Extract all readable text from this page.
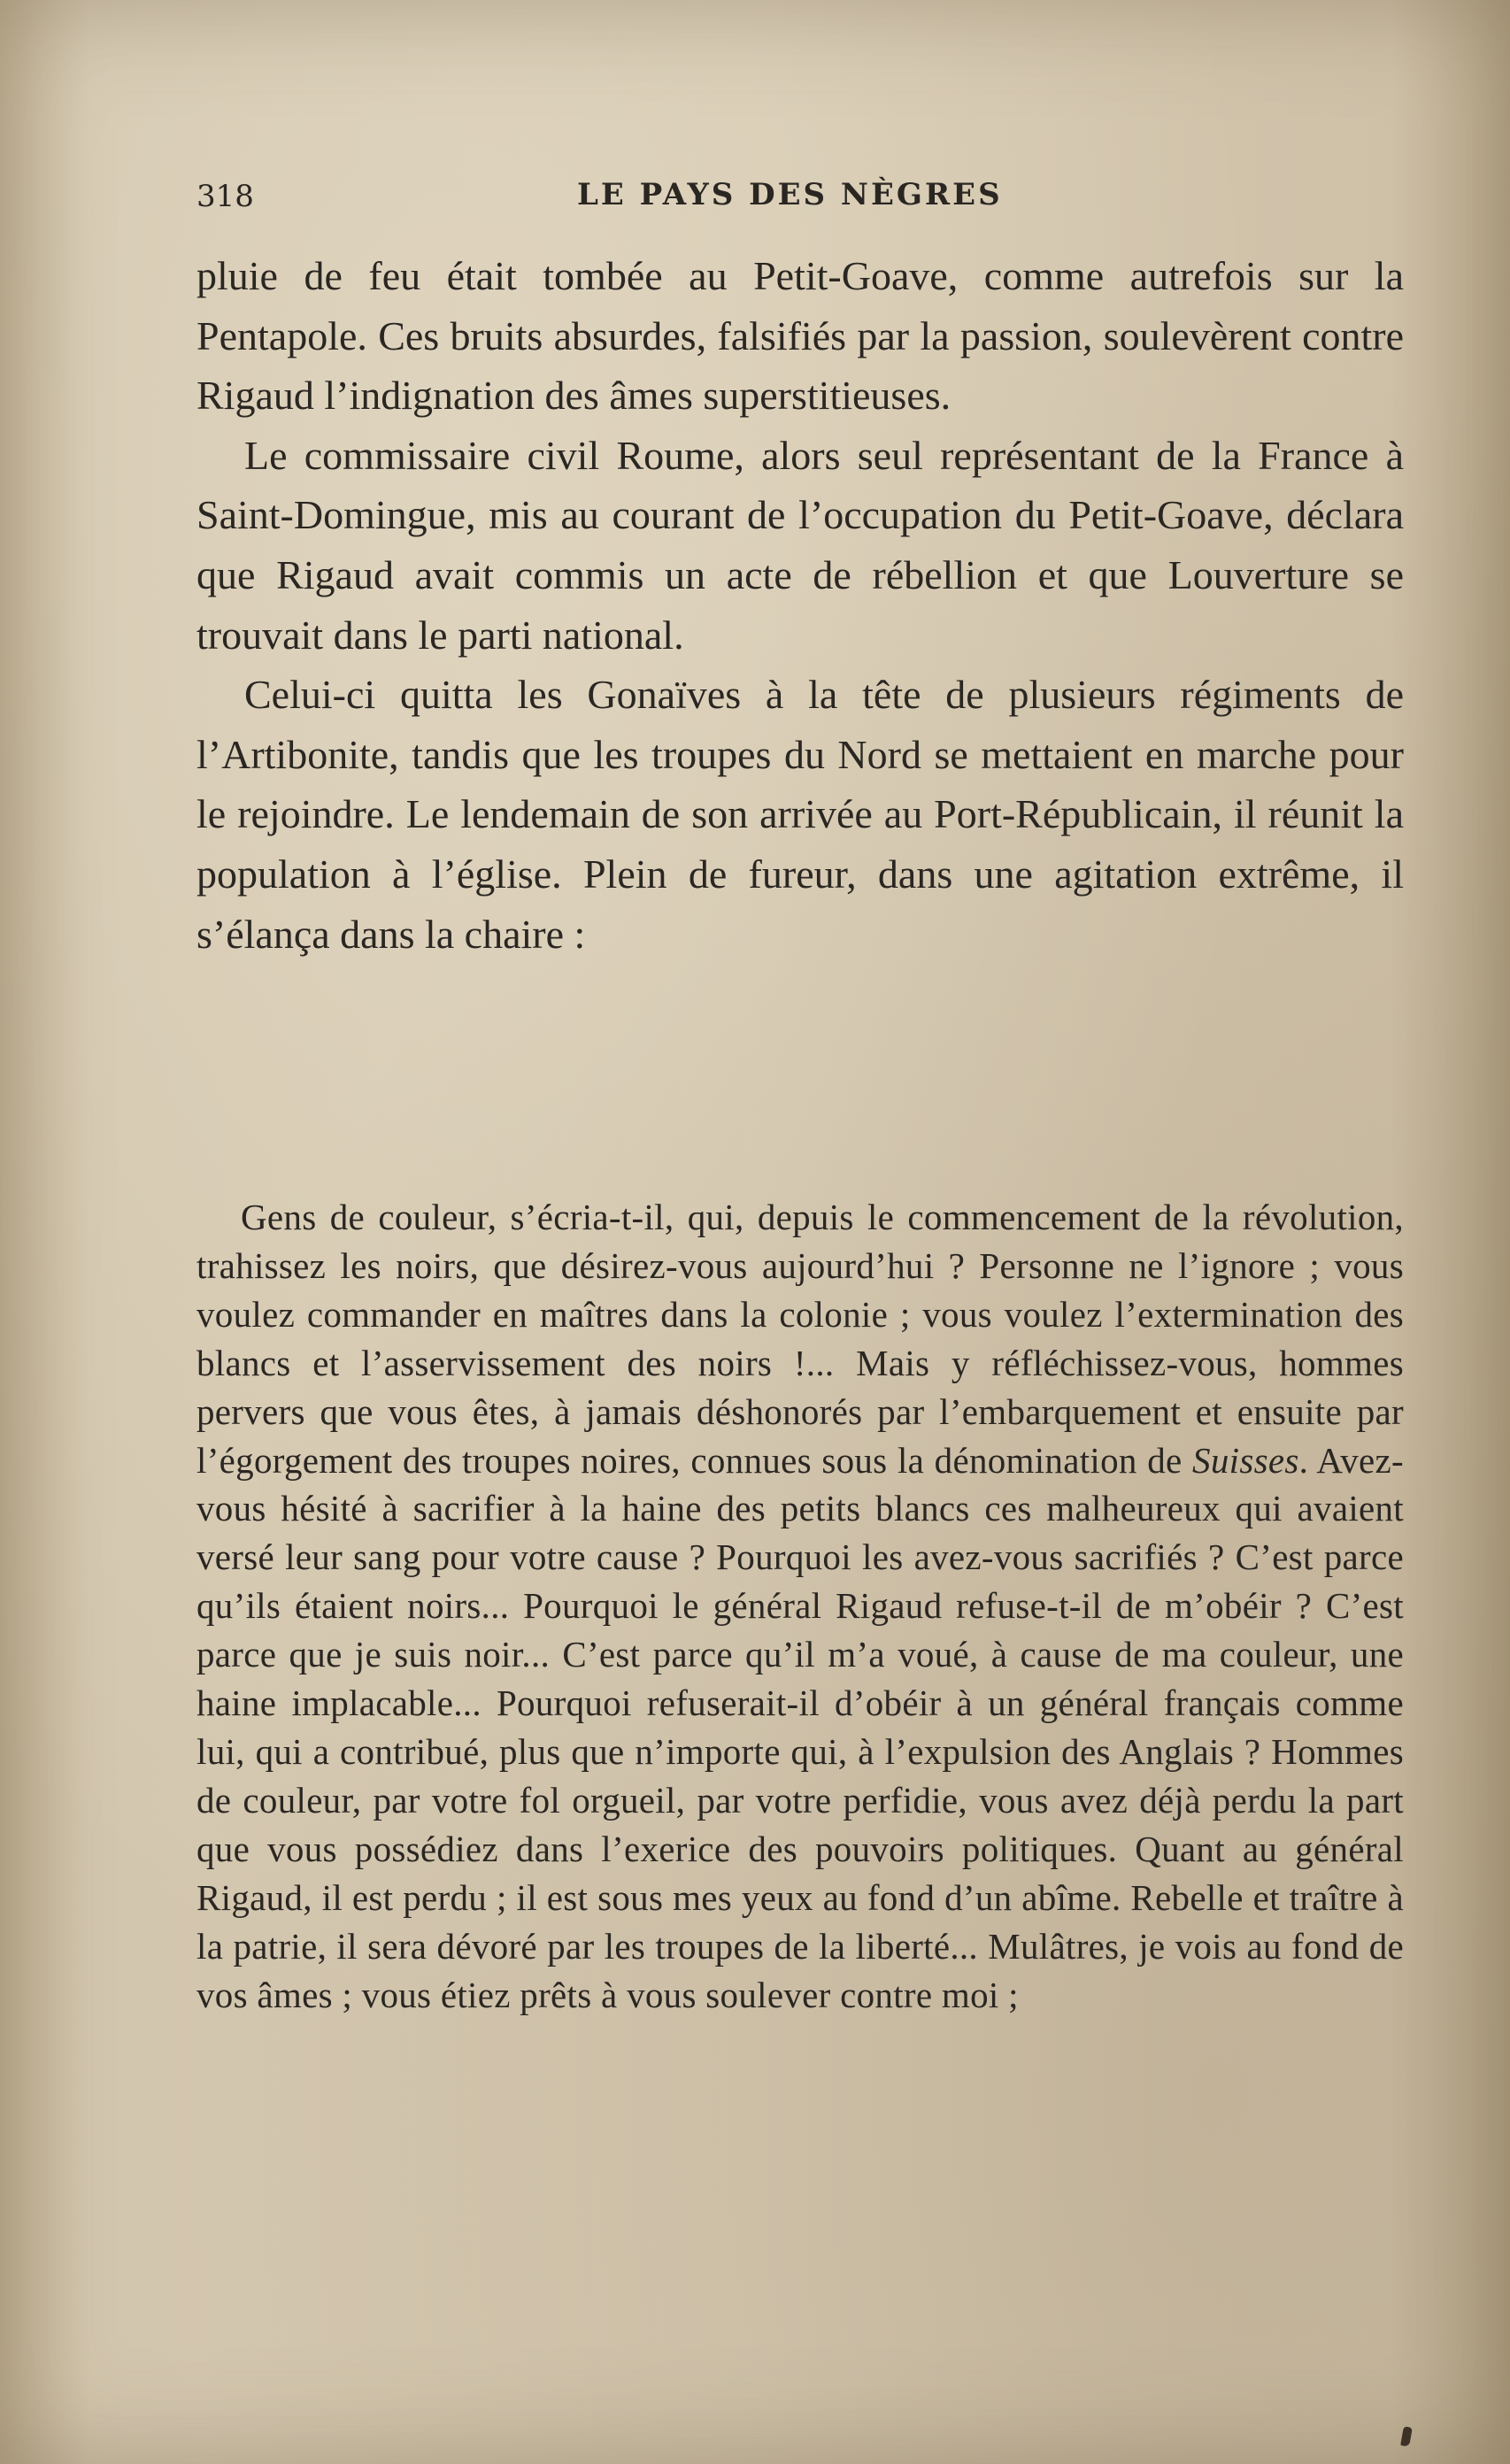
318	LE PAYS DES NÈGRES

pluie de feu était tombée au Petit-Goave, comme autrefois sur la Pentapole. Ces bruits absurdes, falsifiés par la passion, soulevèrent contre Rigaud l’indignation des âmes superstitieuses.

Le commissaire civil Roume, alors seul représentant de la France à Saint-Domingue, mis au courant de l’occupation du Petit-Goave, déclara que Rigaud avait commis un acte de rébellion et que Louverture se trouvait dans le parti national.

Celui-ci quitta les Gonaïves à la tête de plusieurs régiments de l’Artibonite, tandis que les troupes du Nord se mettaient en marche pour le rejoindre. Le lendemain de son arrivée au Port-Républicain, il réunit la population à l’église. Plein de fureur, dans une agitation extrême, il s’élança dans la chaire :

Gens de couleur, s’écria-t-il, qui, depuis le commencement de la révolution, trahissez les noirs, que désirez-vous aujourd’hui ? Personne ne l’ignore ; vous voulez commander en maîtres dans la colonie ; vous voulez l’extermination des blancs et l’asservissement des noirs !... Mais y réfléchissez-vous, hommes pervers que vous êtes, à jamais déshonorés par l’embarquement et ensuite par l’égorgement des troupes noires, connues sous la dénomination de Suisses. Avez-vous hésité à sacrifier à la haine des petits blancs ces malheureux qui avaient versé leur sang pour votre cause ? Pourquoi les avez-vous sacrifiés ? C’est parce qu’ils étaient noirs... Pourquoi le général Rigaud refuse-t-il de m’obéir ? C’est parce que je suis noir... C’est parce qu’il m’a voué, à cause de ma couleur, une haine implacable... Pourquoi refuserait-il d’obéir à un général français comme lui, qui a contribué, plus que n’importe qui, à l’expulsion des Anglais ? Hommes de couleur, par votre fol orgueil, par votre perfidie, vous avez déjà perdu la part que vous possédiez dans l’exerice des pouvoirs politiques. Quant au général Rigaud, il est perdu ; il est sous mes yeux au fond d’un abîme. Rebelle et traître à la patrie, il sera dévoré par les troupes de la liberté... Mulâtres, je vois au fond de vos âmes ; vous étiez prêts à vous soulever contre moi ;
